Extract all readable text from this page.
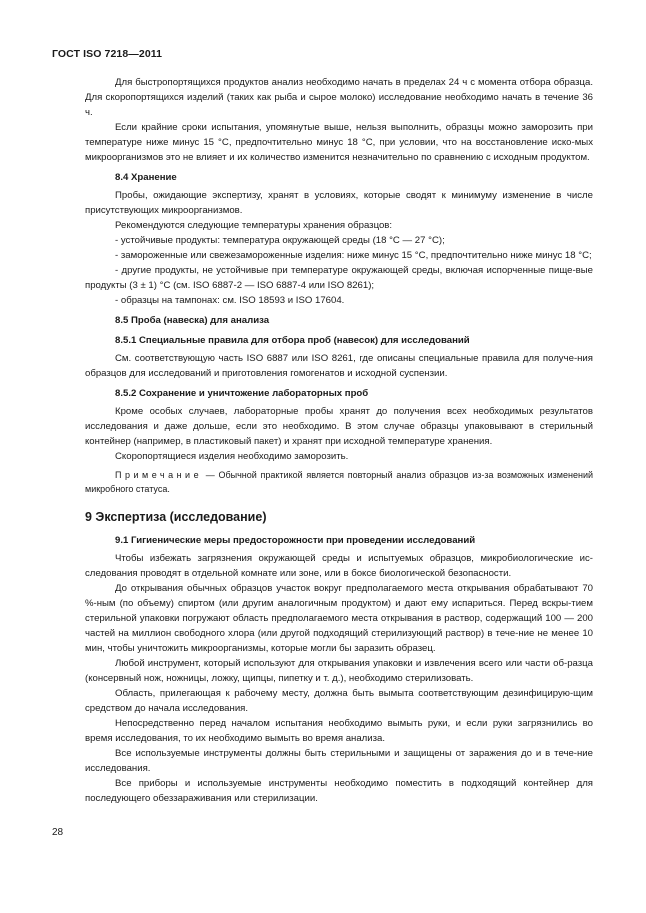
ГОСТ ISO 7218—2011

Для быстропортящихся продуктов анализ необходимо начать в пределах 24 ч с момента отбора образца. Для скоропортящихся изделий (таких как рыба и сырое молоко) исследование необходимо начать в течение 36 ч.

Если крайние сроки испытания, упомянутые выше, нельзя выполнить, образцы можно заморозить при температуре ниже минус 15 °С, предпочтительно минус 18 °С, при условии, что на восстановление иско-мых микроорганизмов это не влияет и их количество изменится незначительно по сравнению с исходным продуктом.

8.4 Хранение

Пробы, ожидающие экспертизу, хранят в условиях, которые сводят к минимуму изменение в числе присутствующих микроорганизмов.

Рекомендуются следующие температуры хранения образцов:

- устойчивые продукты: температура окружающей среды (18 °С — 27 °С);

- замороженные или свежезамороженные изделия: ниже минус 15 °С, предпочтительно ниже минус 18 °С;

- другие продукты, не устойчивые при температуре окружающей среды, включая испорченные пище-вые продукты (3 ± 1) °С (см. ISO 6887-2 — ISO 6887-4 или ISO 8261);

- образцы на тампонах: см. ISO 18593 и ISO 17604.

8.5 Проба (навеска) для анализа
8.5.1 Специальные правила для отбора проб (навесок) для исследований

См. соответствующую часть ISO 6887 или ISO 8261, где описаны специальные правила для получе-ния образцов для исследований и приготовления гомогенатов и исходной суспензии.

8.5.2 Сохранение и уничтожение лабораторных проб

Кроме особых случаев, лабораторные пробы хранят до получения всех необходимых результатов исследования и даже дольше, если это необходимо. В этом случае образцы упаковывают в стерильный контейнер (например, в пластиковый пакет) и хранят при исходной температуре хранения.

Скоропортящиеся изделия необходимо заморозить.

Примечание — Обычной практикой является повторный анализ образцов из-за возможных изменений микробного статуса.

9 Экспертиза (исследование)
9.1 Гигиенические меры предосторожности при проведении исследований

Чтобы избежать загрязнения окружающей среды и испытуемых образцов, микробиологические ис-следования проводят в отдельной комнате или зоне, или в боксе биологической безопасности.

До открывания обычных образцов участок вокруг предполагаемого места открывания обрабатывают 70 %-ным (по объему) спиртом (или другим аналогичным продуктом) и дают ему испариться. Перед вскры-тием стерильной упаковки погружают область предполагаемого места открывания в раствор, содержащий 100 — 200 частей на миллион свободного хлора (или другой подходящий стерилизующий раствор) в тече-ние не менее 10 мин, чтобы уничтожить микроорганизмы, которые могли бы заразить образец.

Любой инструмент, который используют для открывания упаковки и извлечения всего или части об-разца (консервный нож, ножницы, ложку, щипцы, пипетку и т. д.), необходимо стерилизовать.

Область, прилегающая к рабочему месту, должна быть вымыта соответствующим дезинфицирую-щим средством до начала исследования.

Непосредственно перед началом испытания необходимо вымыть руки, и если руки загрязнились во время исследования, то их необходимо вымыть во время анализа.

Все используемые инструменты должны быть стерильными и защищены от заражения до и в тече-ние исследования.

Все приборы и используемые инструменты необходимо поместить в подходящий контейнер для последующего обеззараживания или стерилизации.

28
